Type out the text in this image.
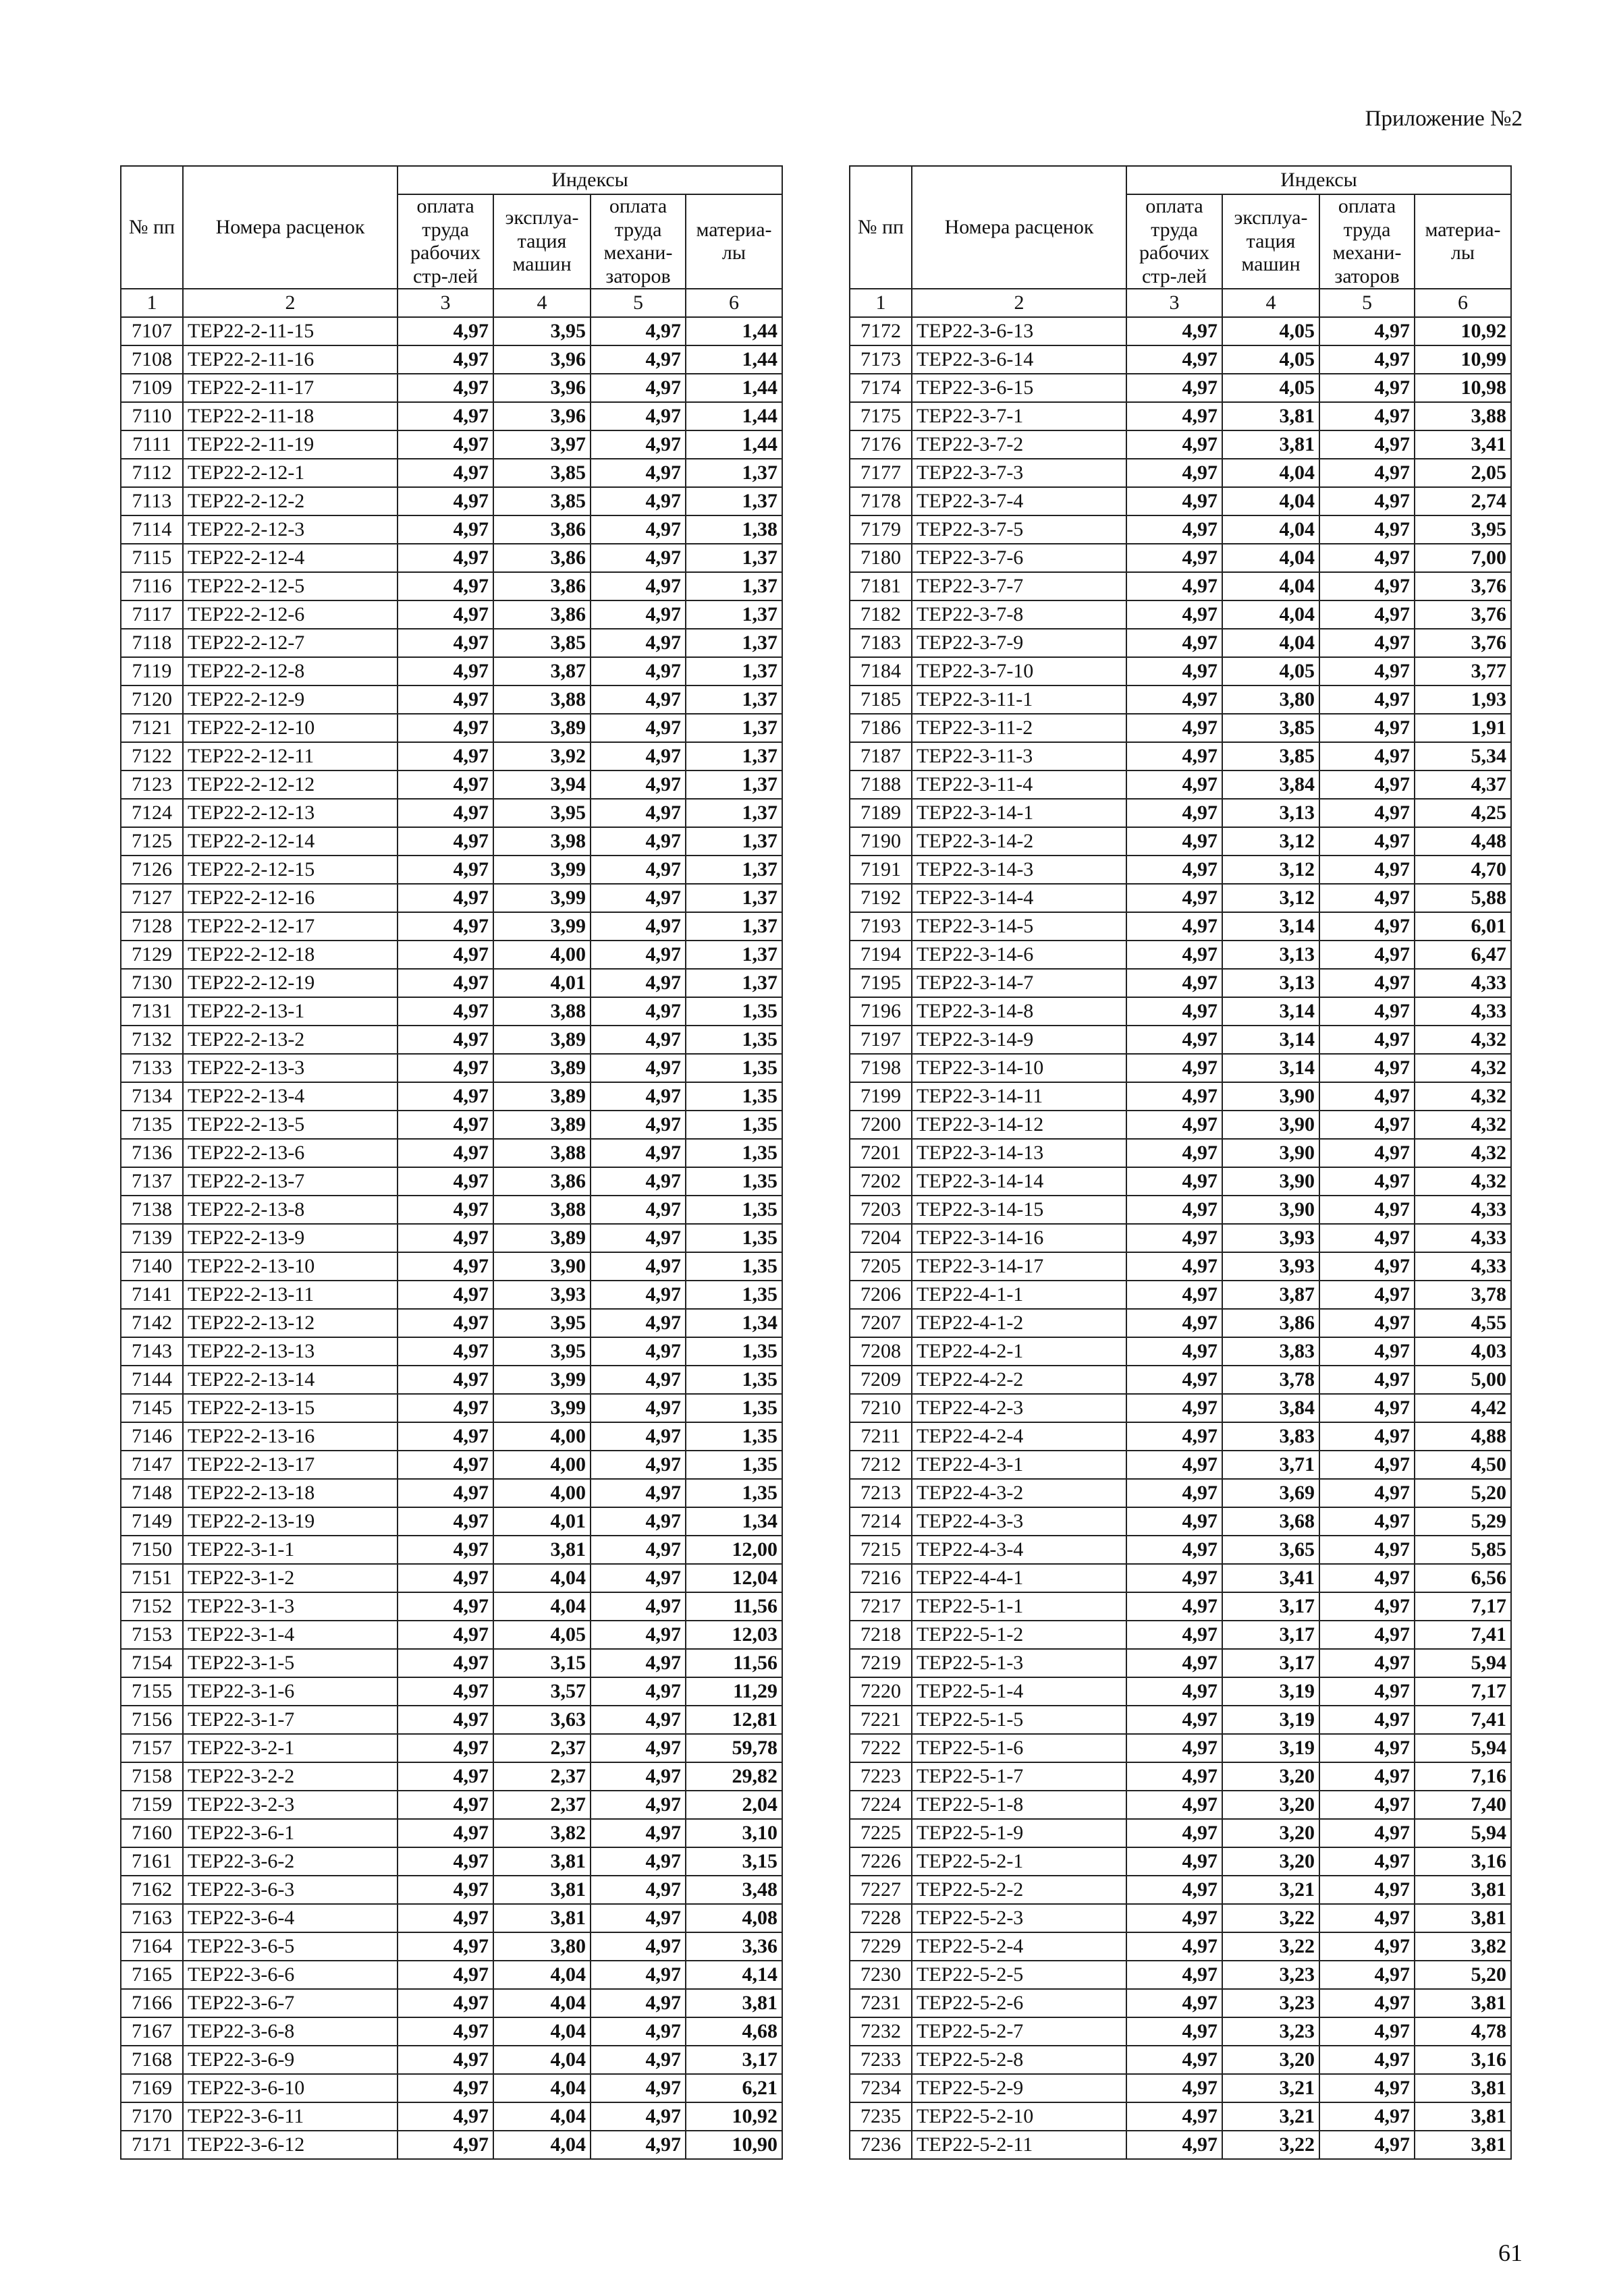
Приложение №2
№ пп	Номера расценок	Индексы			
		оплата труда рабочих стр-лей	эксплуа-тация машин	оплата труда механи-заторов	материа-лы
1	2	3	4	5	6
7107	ТЕР22-2-11-15	4,97	3,95	4,97	1,44
7108	ТЕР22-2-11-16	4,97	3,96	4,97	1,44
7109	ТЕР22-2-11-17	4,97	3,96	4,97	1,44
7110	ТЕР22-2-11-18	4,97	3,96	4,97	1,44
7111	ТЕР22-2-11-19	4,97	3,97	4,97	1,44
7112	ТЕР22-2-12-1	4,97	3,85	4,97	1,37
7113	ТЕР22-2-12-2	4,97	3,85	4,97	1,37
7114	ТЕР22-2-12-3	4,97	3,86	4,97	1,38
7115	ТЕР22-2-12-4	4,97	3,86	4,97	1,37
7116	ТЕР22-2-12-5	4,97	3,86	4,97	1,37
7117	ТЕР22-2-12-6	4,97	3,86	4,97	1,37
7118	ТЕР22-2-12-7	4,97	3,85	4,97	1,37
7119	ТЕР22-2-12-8	4,97	3,87	4,97	1,37
7120	ТЕР22-2-12-9	4,97	3,88	4,97	1,37
7121	ТЕР22-2-12-10	4,97	3,89	4,97	1,37
7122	ТЕР22-2-12-11	4,97	3,92	4,97	1,37
7123	ТЕР22-2-12-12	4,97	3,94	4,97	1,37
7124	ТЕР22-2-12-13	4,97	3,95	4,97	1,37
7125	ТЕР22-2-12-14	4,97	3,98	4,97	1,37
7126	ТЕР22-2-12-15	4,97	3,99	4,97	1,37
7127	ТЕР22-2-12-16	4,97	3,99	4,97	1,37
7128	ТЕР22-2-12-17	4,97	3,99	4,97	1,37
7129	ТЕР22-2-12-18	4,97	4,00	4,97	1,37
7130	ТЕР22-2-12-19	4,97	4,01	4,97	1,37
7131	ТЕР22-2-13-1	4,97	3,88	4,97	1,35
7132	ТЕР22-2-13-2	4,97	3,89	4,97	1,35
7133	ТЕР22-2-13-3	4,97	3,89	4,97	1,35
7134	ТЕР22-2-13-4	4,97	3,89	4,97	1,35
7135	ТЕР22-2-13-5	4,97	3,89	4,97	1,35
7136	ТЕР22-2-13-6	4,97	3,88	4,97	1,35
7137	ТЕР22-2-13-7	4,97	3,86	4,97	1,35
7138	ТЕР22-2-13-8	4,97	3,88	4,97	1,35
7139	ТЕР22-2-13-9	4,97	3,89	4,97	1,35
7140	ТЕР22-2-13-10	4,97	3,90	4,97	1,35
7141	ТЕР22-2-13-11	4,97	3,93	4,97	1,35
7142	ТЕР22-2-13-12	4,97	3,95	4,97	1,34
7143	ТЕР22-2-13-13	4,97	3,95	4,97	1,35
7144	ТЕР22-2-13-14	4,97	3,99	4,97	1,35
7145	ТЕР22-2-13-15	4,97	3,99	4,97	1,35
7146	ТЕР22-2-13-16	4,97	4,00	4,97	1,35
7147	ТЕР22-2-13-17	4,97	4,00	4,97	1,35
7148	ТЕР22-2-13-18	4,97	4,00	4,97	1,35
7149	ТЕР22-2-13-19	4,97	4,01	4,97	1,34
7150	ТЕР22-3-1-1	4,97	3,81	4,97	12,00
7151	ТЕР22-3-1-2	4,97	4,04	4,97	12,04
7152	ТЕР22-3-1-3	4,97	4,04	4,97	11,56
7153	ТЕР22-3-1-4	4,97	4,05	4,97	12,03
7154	ТЕР22-3-1-5	4,97	3,15	4,97	11,56
7155	ТЕР22-3-1-6	4,97	3,57	4,97	11,29
7156	ТЕР22-3-1-7	4,97	3,63	4,97	12,81
7157	ТЕР22-3-2-1	4,97	2,37	4,97	59,78
7158	ТЕР22-3-2-2	4,97	2,37	4,97	29,82
7159	ТЕР22-3-2-3	4,97	2,37	4,97	2,04
7160	ТЕР22-3-6-1	4,97	3,82	4,97	3,10
7161	ТЕР22-3-6-2	4,97	3,81	4,97	3,15
7162	ТЕР22-3-6-3	4,97	3,81	4,97	3,48
7163	ТЕР22-3-6-4	4,97	3,81	4,97	4,08
7164	ТЕР22-3-6-5	4,97	3,80	4,97	3,36
7165	ТЕР22-3-6-6	4,97	4,04	4,97	4,14
7166	ТЕР22-3-6-7	4,97	4,04	4,97	3,81
7167	ТЕР22-3-6-8	4,97	4,04	4,97	4,68
7168	ТЕР22-3-6-9	4,97	4,04	4,97	3,17
7169	ТЕР22-3-6-10	4,97	4,04	4,97	6,21
7170	ТЕР22-3-6-11	4,97	4,04	4,97	10,92
7171	ТЕР22-3-6-12	4,97	4,04	4,97	10,90
№ пп	Номера расценок	Индексы			
		оплата труда рабочих стр-лей	эксплуа-тация машин	оплата труда механи-заторов	материа-лы
1	2	3	4	5	6
7172	ТЕР22-3-6-13	4,97	4,05	4,97	10,92
7173	ТЕР22-3-6-14	4,97	4,05	4,97	10,99
7174	ТЕР22-3-6-15	4,97	4,05	4,97	10,98
7175	ТЕР22-3-7-1	4,97	3,81	4,97	3,88
7176	ТЕР22-3-7-2	4,97	3,81	4,97	3,41
7177	ТЕР22-3-7-3	4,97	4,04	4,97	2,05
7178	ТЕР22-3-7-4	4,97	4,04	4,97	2,74
7179	ТЕР22-3-7-5	4,97	4,04	4,97	3,95
7180	ТЕР22-3-7-6	4,97	4,04	4,97	7,00
7181	ТЕР22-3-7-7	4,97	4,04	4,97	3,76
7182	ТЕР22-3-7-8	4,97	4,04	4,97	3,76
7183	ТЕР22-3-7-9	4,97	4,04	4,97	3,76
7184	ТЕР22-3-7-10	4,97	4,05	4,97	3,77
7185	ТЕР22-3-11-1	4,97	3,80	4,97	1,93
7186	ТЕР22-3-11-2	4,97	3,85	4,97	1,91
7187	ТЕР22-3-11-3	4,97	3,85	4,97	5,34
7188	ТЕР22-3-11-4	4,97	3,84	4,97	4,37
7189	ТЕР22-3-14-1	4,97	3,13	4,97	4,25
7190	ТЕР22-3-14-2	4,97	3,12	4,97	4,48
7191	ТЕР22-3-14-3	4,97	3,12	4,97	4,70
7192	ТЕР22-3-14-4	4,97	3,12	4,97	5,88
7193	ТЕР22-3-14-5	4,97	3,14	4,97	6,01
7194	ТЕР22-3-14-6	4,97	3,13	4,97	6,47
7195	ТЕР22-3-14-7	4,97	3,13	4,97	4,33
7196	ТЕР22-3-14-8	4,97	3,14	4,97	4,33
7197	ТЕР22-3-14-9	4,97	3,14	4,97	4,32
7198	ТЕР22-3-14-10	4,97	3,14	4,97	4,32
7199	ТЕР22-3-14-11	4,97	3,90	4,97	4,32
7200	ТЕР22-3-14-12	4,97	3,90	4,97	4,32
7201	ТЕР22-3-14-13	4,97	3,90	4,97	4,32
7202	ТЕР22-3-14-14	4,97	3,90	4,97	4,32
7203	ТЕР22-3-14-15	4,97	3,90	4,97	4,33
7204	ТЕР22-3-14-16	4,97	3,93	4,97	4,33
7205	ТЕР22-3-14-17	4,97	3,93	4,97	4,33
7206	ТЕР22-4-1-1	4,97	3,87	4,97	3,78
7207	ТЕР22-4-1-2	4,97	3,86	4,97	4,55
7208	ТЕР22-4-2-1	4,97	3,83	4,97	4,03
7209	ТЕР22-4-2-2	4,97	3,78	4,97	5,00
7210	ТЕР22-4-2-3	4,97	3,84	4,97	4,42
7211	ТЕР22-4-2-4	4,97	3,83	4,97	4,88
7212	ТЕР22-4-3-1	4,97	3,71	4,97	4,50
7213	ТЕР22-4-3-2	4,97	3,69	4,97	5,20
7214	ТЕР22-4-3-3	4,97	3,68	4,97	5,29
7215	ТЕР22-4-3-4	4,97	3,65	4,97	5,85
7216	ТЕР22-4-4-1	4,97	3,41	4,97	6,56
7217	ТЕР22-5-1-1	4,97	3,17	4,97	7,17
7218	ТЕР22-5-1-2	4,97	3,17	4,97	7,41
7219	ТЕР22-5-1-3	4,97	3,17	4,97	5,94
7220	ТЕР22-5-1-4	4,97	3,19	4,97	7,17
7221	ТЕР22-5-1-5	4,97	3,19	4,97	7,41
7222	ТЕР22-5-1-6	4,97	3,19	4,97	5,94
7223	ТЕР22-5-1-7	4,97	3,20	4,97	7,16
7224	ТЕР22-5-1-8	4,97	3,20	4,97	7,40
7225	ТЕР22-5-1-9	4,97	3,20	4,97	5,94
7226	ТЕР22-5-2-1	4,97	3,20	4,97	3,16
7227	ТЕР22-5-2-2	4,97	3,21	4,97	3,81
7228	ТЕР22-5-2-3	4,97	3,22	4,97	3,81
7229	ТЕР22-5-2-4	4,97	3,22	4,97	3,82
7230	ТЕР22-5-2-5	4,97	3,23	4,97	5,20
7231	ТЕР22-5-2-6	4,97	3,23	4,97	3,81
7232	ТЕР22-5-2-7	4,97	3,23	4,97	4,78
7233	ТЕР22-5-2-8	4,97	3,20	4,97	3,16
7234	ТЕР22-5-2-9	4,97	3,21	4,97	3,81
7235	ТЕР22-5-2-10	4,97	3,21	4,97	3,81
7236	ТЕР22-5-2-11	4,97	3,22	4,97	3,81
61
